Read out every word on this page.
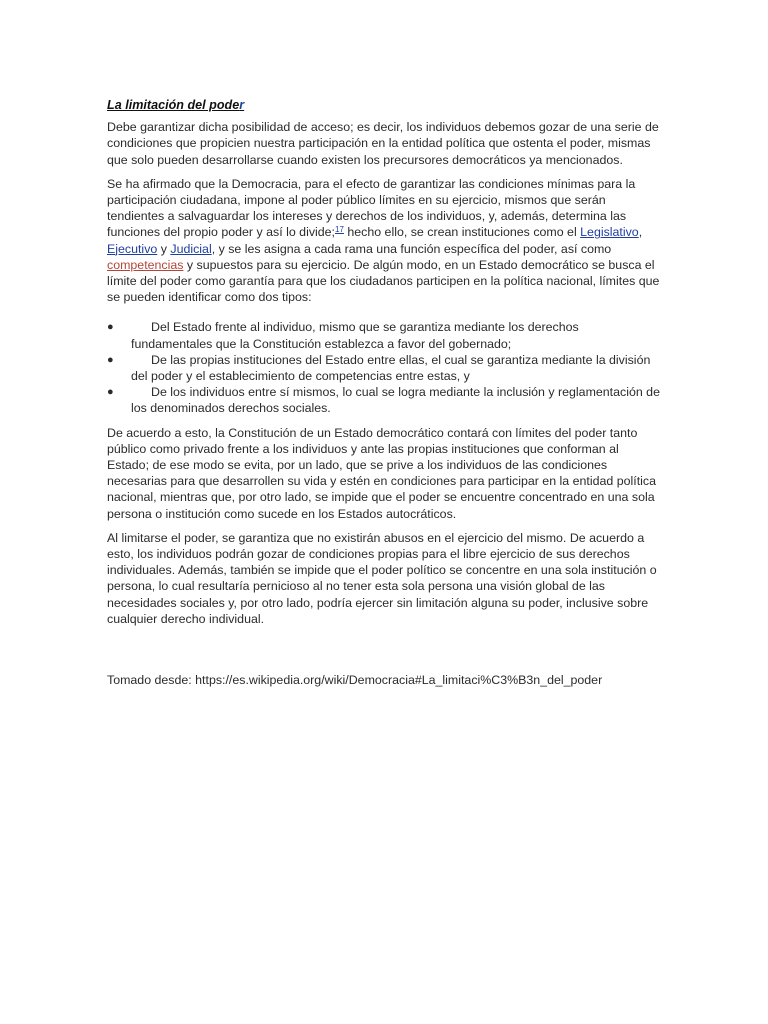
La limitación del poder

Debe garantizar dicha posibilidad de acceso; es decir, los individuos debemos gozar de una serie de condiciones que propicien nuestra participación en la entidad política que ostenta el poder, mismas que solo pueden desarrollarse cuando existen los precursores democráticos ya mencionados.

Se ha afirmado que la Democracia, para el efecto de garantizar las condiciones mínimas para la participación ciudadana, impone al poder público límites en su ejercicio, mismos que serán tendientes a salvaguardar los intereses y derechos de los individuos, y, además, determina las funciones del propio poder y así lo divide;$^{17}$ hecho ello, se crean instituciones como el Legislativo, Ejecutivo y Judicial, y se les asigna a cada rama una función específica del poder, así como competencias y supuestos para su ejercicio. De algún modo, en un Estado democrático se busca el límite del poder como garantía para que los ciudadanos participen en la política nacional, límites que se pueden identificar como dos tipos:

●	Del Estado frente al individuo, mismo que se garantiza mediante los derechos fundamentales que la Constitución establezca a favor del gobernado;
●	De las propias instituciones del Estado entre ellas, el cual se garantiza mediante la división del poder y el establecimiento de competencias entre estas, y
●	De los individuos entre sí mismos, lo cual se logra mediante la inclusión y reglamentación de los denominados derechos sociales.

De acuerdo a esto, la Constitución de un Estado democrático contará con límites del poder tanto público como privado frente a los individuos y ante las propias instituciones que conforman al Estado; de ese modo se evita, por un lado, que se prive a los individuos de las condiciones necesarias para que desarrollen su vida y estén en condiciones para participar en la entidad política nacional, mientras que, por otro lado, se impide que el poder se encuentre concentrado en una sola persona o institución como sucede en los Estados autocráticos.

Al limitarse el poder, se garantiza que no existirán abusos en el ejercicio del mismo. De acuerdo a esto, los individuos podrán gozar de condiciones propias para el libre ejercicio de sus derechos individuales. Además, también se impide que el poder político se concentre en una sola institución o persona, lo cual resultaría pernicioso al no tener esta sola persona una visión global de las necesidades sociales y, por otro lado, podría ejercer sin limitación alguna su poder, inclusive sobre cualquier derecho individual.

Tomado desde: https://es.wikipedia.org/wiki/Democracia#La_limitaci%C3%B3n_del_poder
